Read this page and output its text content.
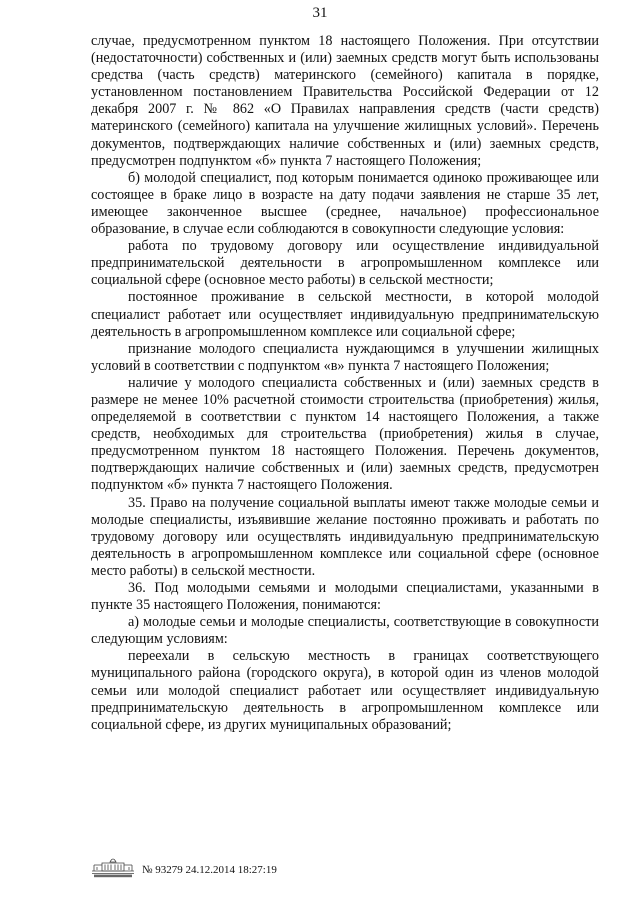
31

случае, предусмотренном пунктом 18 настоящего Положения. При отсутствии (недостаточности) собственных и (или) заемных средств могут быть использованы средства (часть средств) материнского (семейного) капитала в порядке, установленном постановлением Правительства Российской Федерации от 12 декабря 2007 г. № 862 «О Правилах направления средств (части средств) материнского (семейного) капитала на улучшение жилищных условий». Перечень документов, подтверждающих наличие собственных и (или) заемных средств, предусмотрен подпунктом «б» пункта 7 настоящего Положения;

б) молодой специалист, под которым понимается одиноко проживающее или состоящее в браке лицо в возрасте на дату подачи заявления не старше 35 лет, имеющее законченное высшее (среднее, начальное) профессиональное образование, в случае если соблюдаются в совокупности следующие условия:

работа по трудовому договору или осуществление индивидуальной предпринимательской деятельности в агропромышленном комплексе или социальной сфере (основное место работы) в сельской местности;

постоянное проживание в сельской местности, в которой молодой специалист работает или осуществляет индивидуальную предпринимательскую деятельность в агропромышленном комплексе или социальной сфере;

признание молодого специалиста нуждающимся в улучшении жилищных условий в соответствии с подпунктом «в» пункта 7 настоящего Положения;

наличие у молодого специалиста собственных и (или) заемных средств в размере не менее 10% расчетной стоимости строительства (приобретения) жилья, определяемой в соответствии с пунктом 14 настоящего Положения, а также средств, необходимых для строительства (приобретения) жилья в случае, предусмотренном пунктом 18 настоящего Положения. Перечень документов, подтверждающих наличие собственных и (или) заемных средств, предусмотрен подпунктом «б» пункта 7 настоящего Положения.

35. Право на получение социальной выплаты имеют также молодые семьи и молодые специалисты, изъявившие желание постоянно проживать и работать по трудовому договору или осуществлять индивидуальную предпринимательскую деятельность в агропромышленном комплексе или социальной сфере (основное место работы) в сельской местности.

36. Под молодыми семьями и молодыми специалистами, указанными в пункте 35 настоящего Положения, понимаются:

а) молодые семьи и молодые специалисты, соответствующие в совокупности следующим условиям:

переехали в сельскую местность в границах соответствующего муниципального района (городского округа), в которой один из членов молодой семьи или молодой специалист работает или осуществляет индивидуальную предпринимательскую деятельность в агропромышленном комплексе или социальной сфере, из других муниципальных образований;

№ 93279 24.12.2014 18:27:19
